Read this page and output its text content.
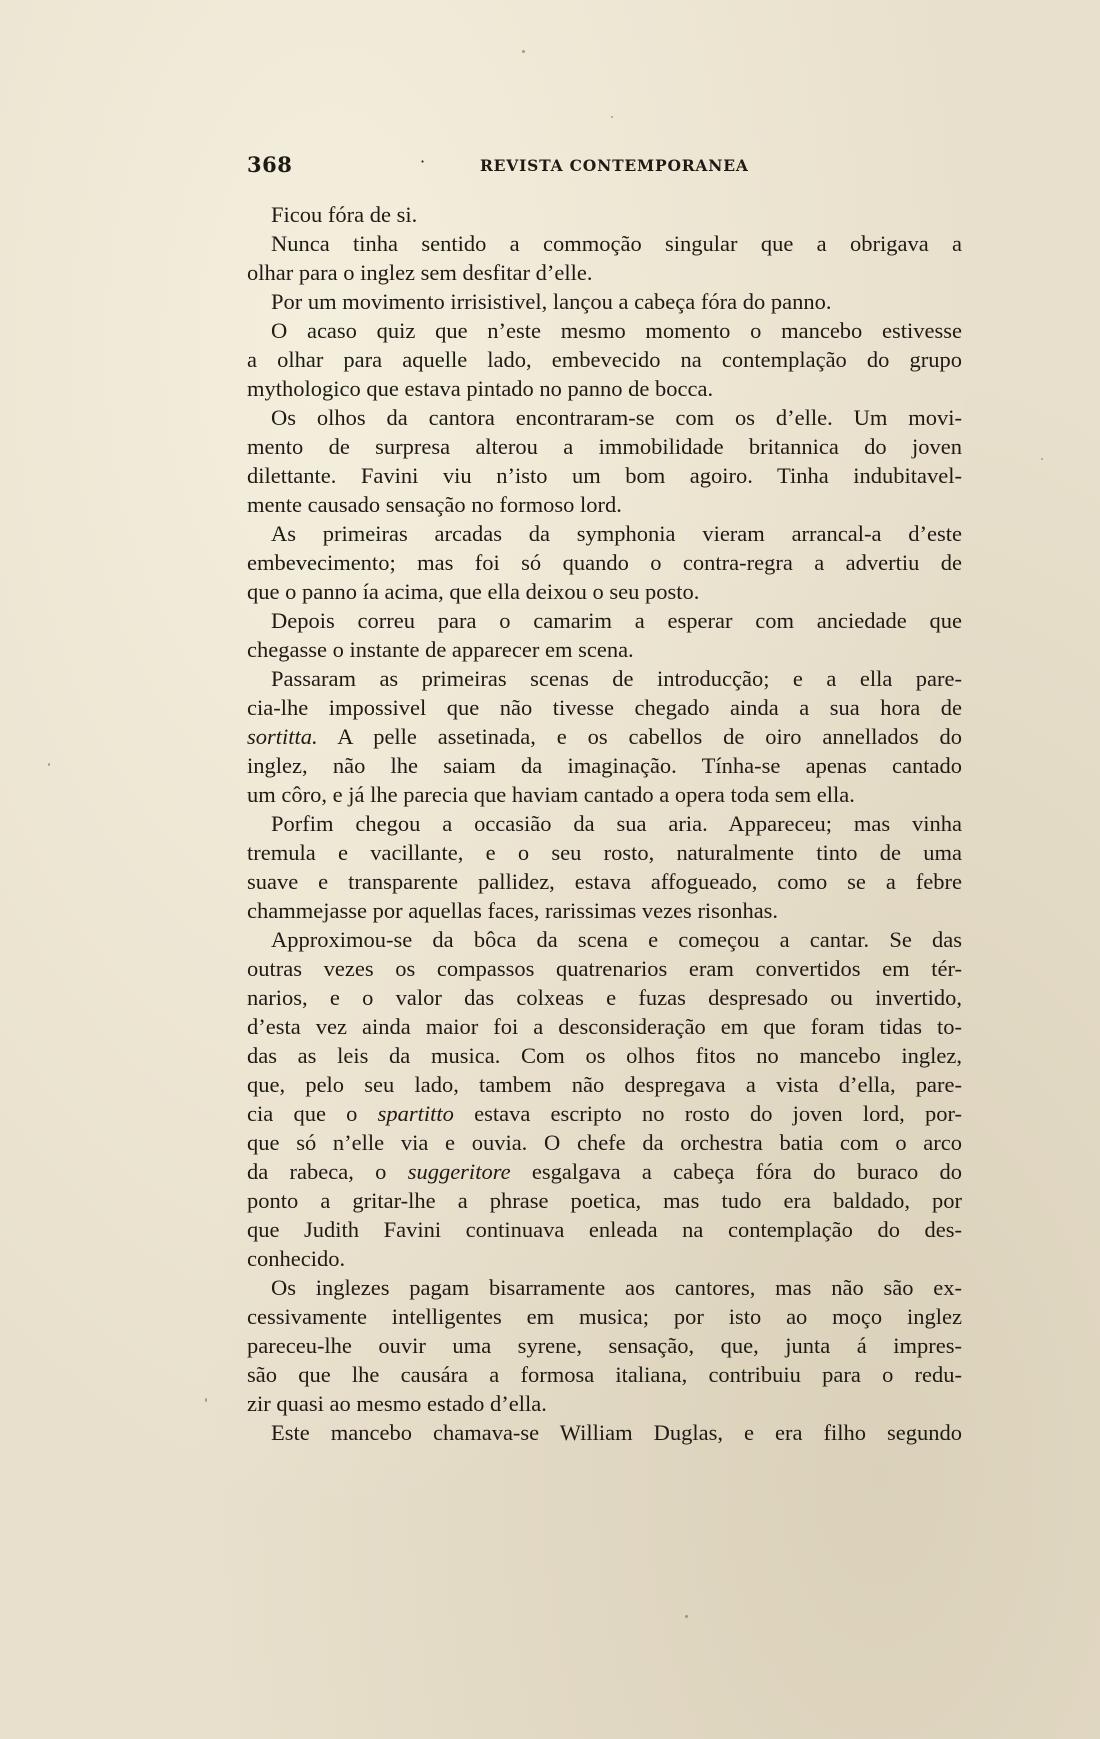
368	·	REVISTA CONTEMPORANEA
Ficou fóra de si.
Nunca tinha sentido a commoção singular que a obrigava a
olhar para o inglez sem desfitar d’elle.
Por um movimento irrisistivel, lançou a cabeça fóra do panno.
O acaso quiz que n’este mesmo momento o mancebo estivesse
a olhar para aquelle lado, embevecido na contemplação do grupo
mythologico que estava pintado no panno de bocca.
Os olhos da cantora encontraram-se com os d’elle. Um movi-
mento de surpresa alterou a immobilidade britannica do joven
dilettante. Favini viu n’isto um bom agoiro. Tinha indubitavel-
mente causado sensação no formoso lord.
As primeiras arcadas da symphonia vieram arrancal-a d’este
embevecimento; mas foi só quando o contra-regra a advertiu de
que o panno ía acima, que ella deixou o seu posto.
Depois correu para o camarim a esperar com anciedade que
chegasse o instante de apparecer em scena.
Passaram as primeiras scenas de introducção; e a ella pare-
cia-lhe impossivel que não tivesse chegado ainda a sua hora de
sortitta. A pelle assetinada, e os cabellos de oiro annellados do
inglez, não lhe saiam da imaginação. Tínha-se apenas cantado
um côro, e já lhe parecia que haviam cantado a opera toda sem ella.
Porfim chegou a occasião da sua aria. Appareceu; mas vinha
tremula e vacillante, e o seu rosto, naturalmente tinto de uma
suave e transparente pallidez, estava affogueado, como se a febre
chammejasse por aquellas faces, rarissimas vezes risonhas.
Approximou-se da bôca da scena e começou a cantar. Se das
outras vezes os compassos quatrenarios eram convertidos em tér-
narios, e o valor das colxeas e fuzas despresado ou invertido,
d’esta vez ainda maior foi a desconsideração em que foram tidas to-
das as leis da musica. Com os olhos fitos no mancebo inglez,
que, pelo seu lado, tambem não despregava a vista d’ella, pare-
cia que o spartitto estava escripto no rosto do joven lord, por-
que só n’elle via e ouvia. O chefe da orchestra batia com o arco
da rabeca, o suggeritore esgalgava a cabeça fóra do buraco do
ponto a gritar-lhe a phrase poetica, mas tudo era baldado, por
que Judith Favini continuava enleada na contemplação do des-
conhecido.
Os inglezes pagam bisarramente aos cantores, mas não são ex-
cessivamente intelligentes em musica; por isto ao moço inglez
pareceu-lhe ouvir uma syrene, sensação, que, junta á impres-
são que lhe causára a formosa italiana, contribuiu para o redu-
zir quasi ao mesmo estado d’ella.
Este mancebo chamava-se William Duglas, e era filho segundo
